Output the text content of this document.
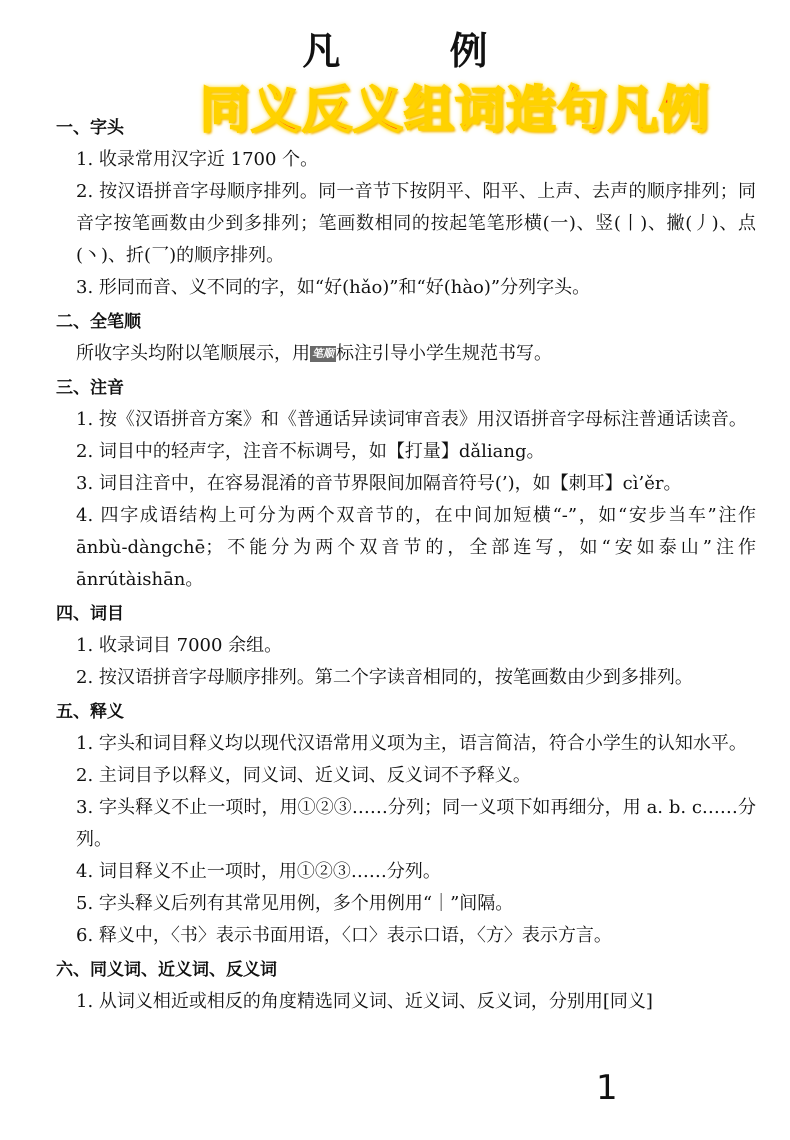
凡 例
同义反义组词造句凡例
一、字头
1. 收录常用汉字近 1700 个。
2. 按汉语拼音字母顺序排列。同一音节下按阴平、阳平、上声、去声的顺序排列；同音字按笔画数由少到多排列；笔画数相同的按起笔笔形横(一)、竖(丨)、撇(丿)、点(丶)、折(乛)的顺序排列。
3. 形同而音、义不同的字，如“好(hǎo)”和“好(hào)”分列字头。
二、全笔顺
所收字头均附以笔顺展示，用 笔顺 标注引导小学生规范书写。
三、注音
1. 按《汉语拼音方案》和《普通话异读词审音表》用汉语拼音字母标注普通话读音。
2. 词目中的轻声字，注音不标调号，如【打量】dǎliang。
3. 词目注音中，在容易混淆的音节界限间加隔音符号(’)，如【刺耳】cì’ěr。
4. 四字成语结构上可分为两个双音节的，在中间加短横“-”，如“安步当车”注作 ānbù-dàngchē；不能分为两个双音节的，全部连写，如“安如泰山”注作 ānrútàishān。
四、词目
1. 收录词目 7000 余组。
2. 按汉语拼音字母顺序排列。第二个字读音相同的，按笔画数由少到多排列。
五、释义
1. 字头和词目释义均以现代汉语常用义项为主，语言简洁，符合小学生的认知水平。
2. 主词目予以释义，同义词、近义词、反义词不予释义。
3. 字头释义不止一项时，用①②③……分列；同一义项下如再细分，用 a. b. c……分列。
4. 词目释义不止一项时，用①②③……分列。
5. 字头释义后列有其常见用例，多个用例用“｜”间隔。
6. 释义中，〈书〉表示书面用语，〈口〉表示口语，〈方〉表示方言。
六、同义词、近义词、反义词
1. 从词义相近或相反的角度精选同义词、近义词、反义词，分别用[同义]
1
